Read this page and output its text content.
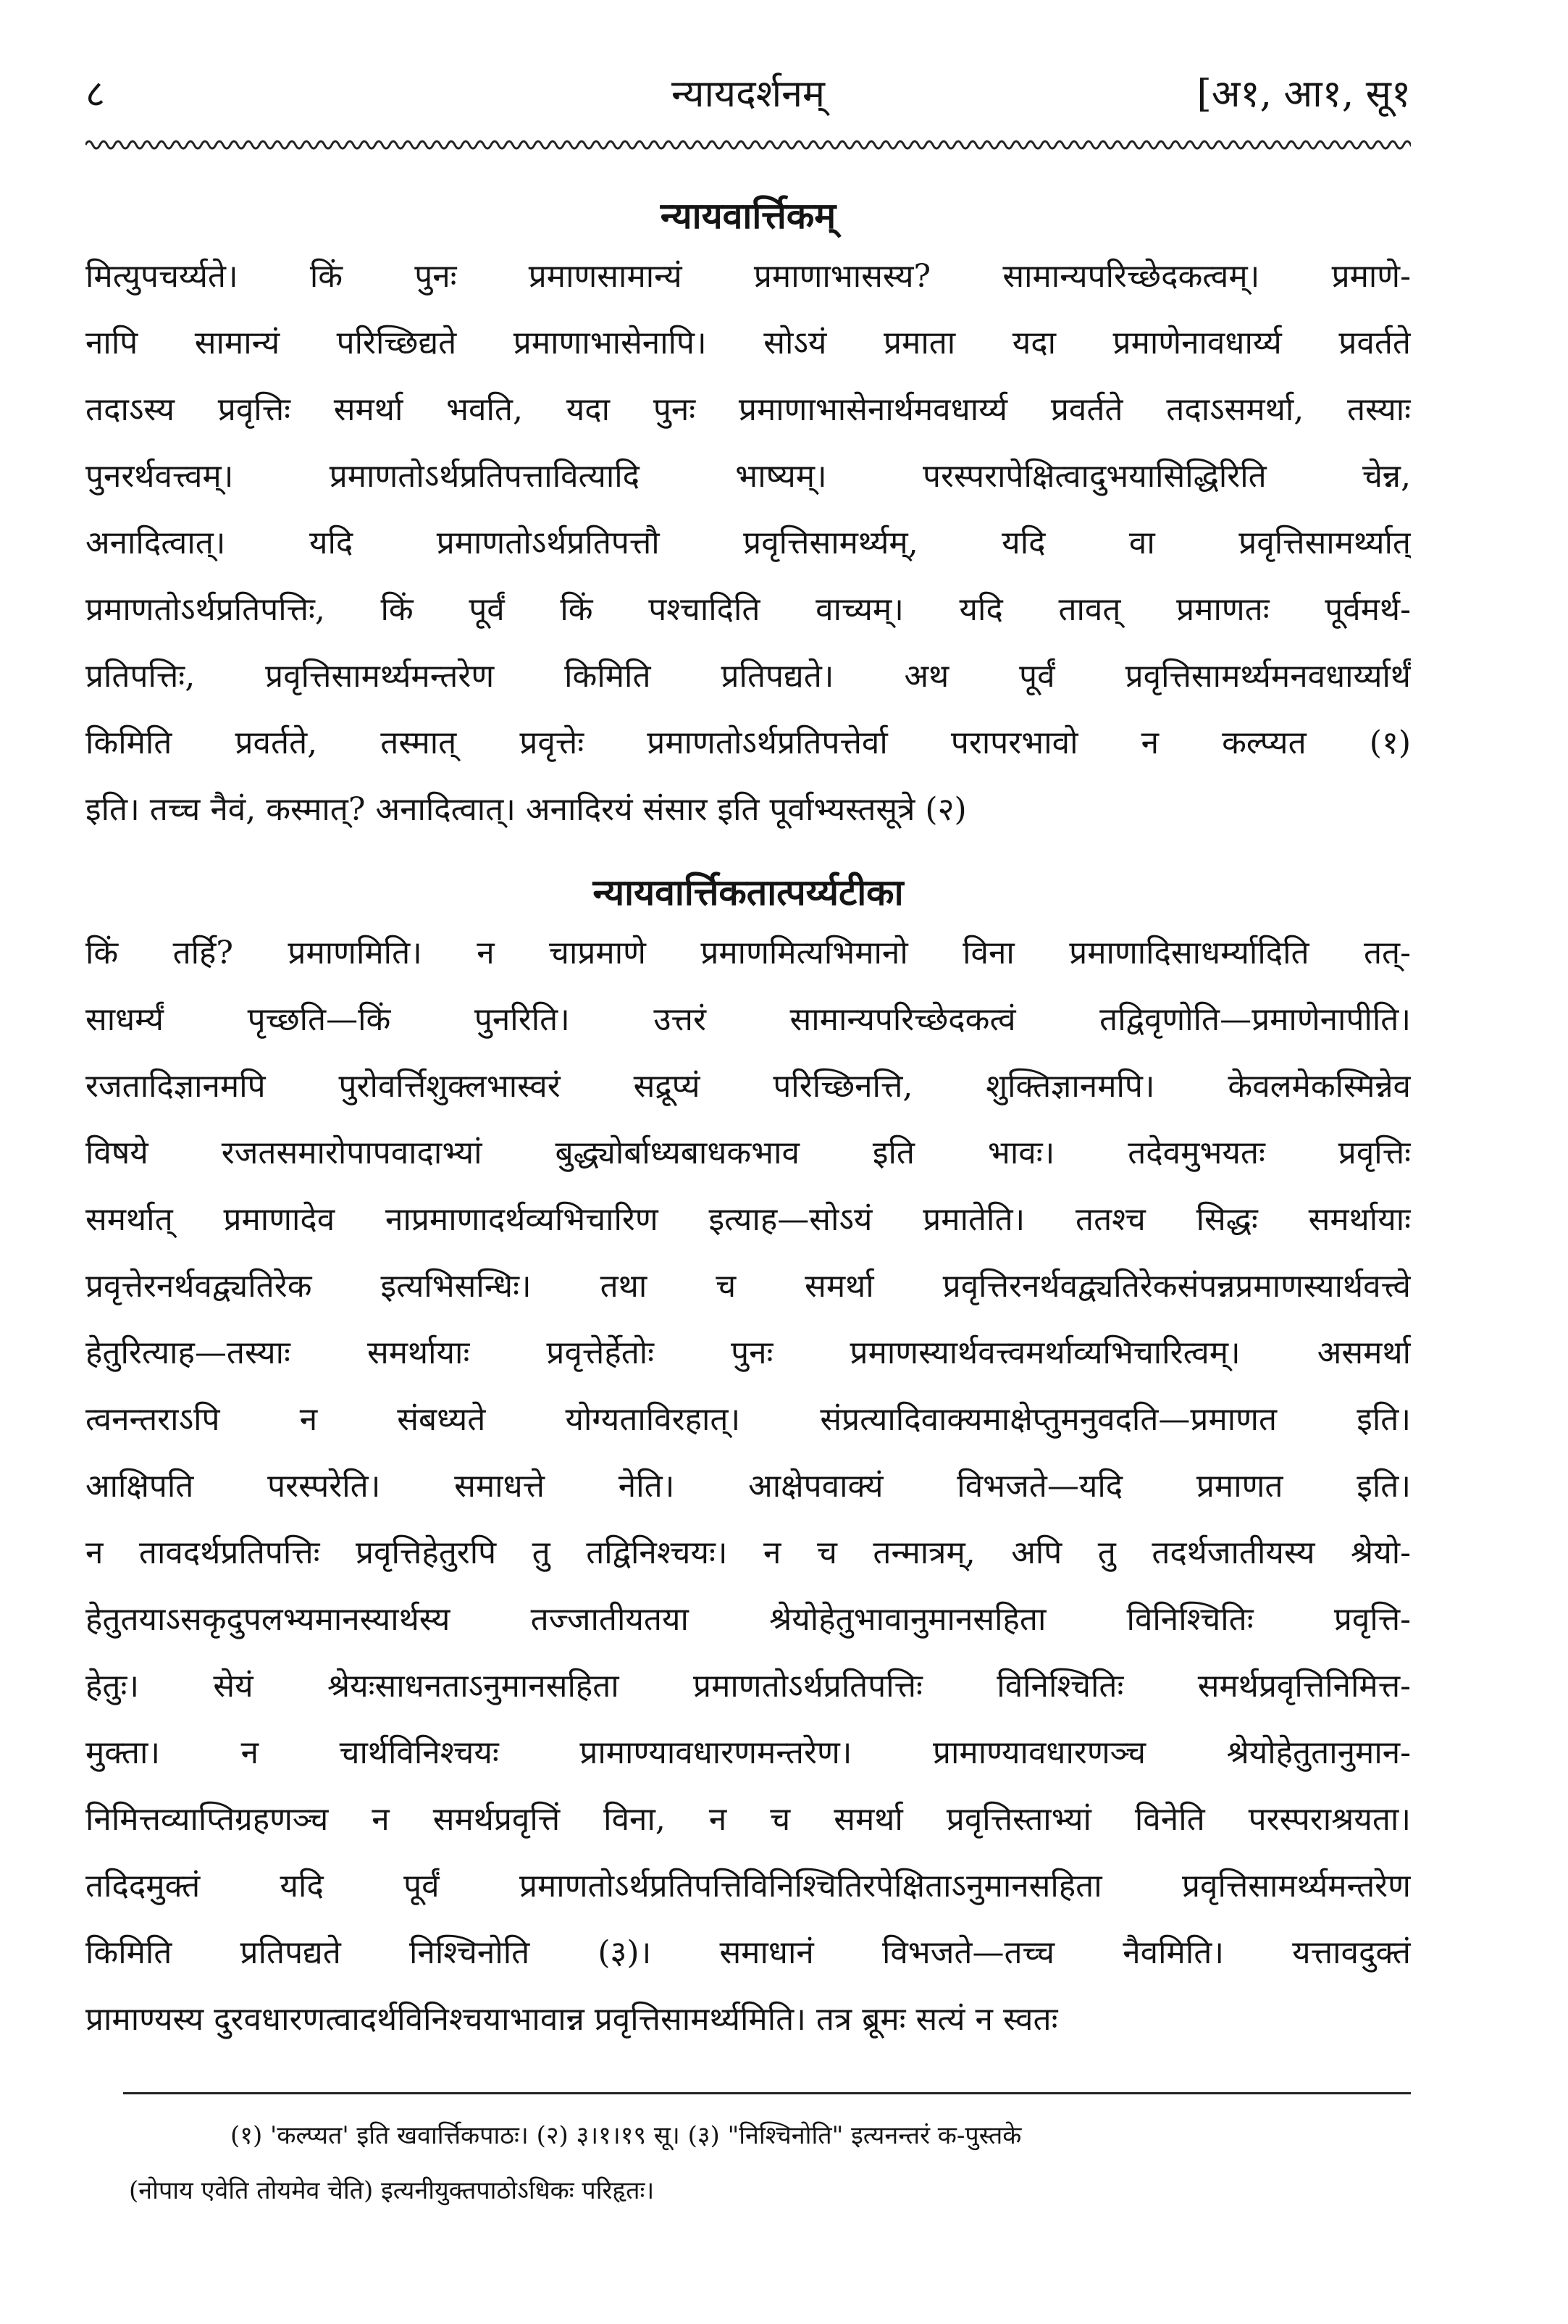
८	न्यायदर्शनम्	[अ१, आ१, सू१
न्यायवार्त्तिकम्
मित्युपचर्य्यते। किं पुनः प्रमाणसामान्यं प्रमाणाभासस्य? सामान्यपरिच्छेदकत्वम्। प्रमाणे-
नापि सामान्यं परिच्छिद्यते प्रमाणाभासेनापि। सोऽयं प्रमाता यदा प्रमाणेनावधार्य्य प्रवर्तते
तदाऽस्य प्रवृत्तिः समर्था भवति, यदा पुनः प्रमाणाभासेनार्थमवधार्य्य प्रवर्तते तदाऽसमर्था, तस्याः
पुनरर्थवत्त्वम्। प्रमाणतोऽर्थप्रतिपत्तावित्यादि भाष्यम्। परस्परापेक्षित्वादुभयासिद्धिरिति चेन्न,
अनादित्वात्। यदि प्रमाणतोऽर्थप्रतिपत्तौ प्रवृत्तिसामर्थ्यम्, यदि वा प्रवृत्तिसामर्थ्यात्
प्रमाणतोऽर्थप्रतिपत्तिः, किं पूर्वं किं पश्चादिति वाच्यम्। यदि तावत् प्रमाणतः पूर्वमर्थ-
प्रतिपत्तिः, प्रवृत्तिसामर्थ्यमन्तरेण किमिति प्रतिपद्यते। अथ पूर्वं प्रवृत्तिसामर्थ्यमनवधार्य्यार्थं
किमिति प्रवर्तते, तस्मात् प्रवृत्तेः प्रमाणतोऽर्थप्रतिपत्तेर्वा परापरभावो न कल्प्यत (१)
इति। तच्च नैवं, कस्मात्? अनादित्वात्। अनादिरयं संसार इति पूर्वाभ्यस्तसूत्रे (२)
न्यायवार्त्तिकतात्पर्य्यटीका
किं तर्हि? प्रमाणमिति। न चाप्रमाणे प्रमाणमित्यभिमानो विना प्रमाणादिसाधर्म्यादिति तत्-
साधर्म्यं पृच्छति—किं पुनरिति। उत्तरं सामान्यपरिच्छेदकत्वं तद्विवृणोति—प्रमाणेनापीति।
रजतादिज्ञानमपि पुरोवर्त्तिशुक्लभास्वरं सद्रूप्यं परिच्छिनत्ति, शुक्तिज्ञानमपि। केवलमेकस्मिन्नेव
विषये रजतसमारोपापवादाभ्यां बुद्ध्योर्बाध्यबाधकभाव इति भावः। तदेवमुभयतः प्रवृत्तिः
समर्थात् प्रमाणादेव नाप्रमाणादर्थव्यभिचारिण इत्याह—सोऽयं प्रमातेति। ततश्च सिद्धः समर्थायाः
प्रवृत्तेरनर्थवद्व्यतिरेक इत्यभिसन्धिः। तथा च समर्था प्रवृत्तिरनर्थवद्व्यतिरेकसंपन्नप्रमाणस्यार्थवत्त्वे
हेतुरित्याह—तस्याः समर्थायाः प्रवृत्तेर्हेतोः पुनः प्रमाणस्यार्थवत्त्वमर्थाव्यभिचारित्वम्। असमर्था
त्वनन्तराऽपि न संबध्यते योग्यताविरहात्। संप्रत्यादिवाक्यमाक्षेप्तुमनुवदति—प्रमाणत इति।
आक्षिपति परस्परेति। समाधत्ते नेति। आक्षेपवाक्यं विभजते—यदि प्रमाणत इति।
न तावदर्थप्रतिपत्तिः प्रवृत्तिहेतुरपि तु तद्विनिश्चयः। न च तन्मात्रम्, अपि तु तदर्थजातीयस्य श्रेयो-
हेतुतयाऽसकृदुपलभ्यमानस्यार्थस्य तज्जातीयतया श्रेयोहेतुभावानुमानसहिता विनिश्चितिः प्रवृत्ति-
हेतुः। सेयं श्रेयःसाधनताऽनुमानसहिता प्रमाणतोऽर्थप्रतिपत्तिः विनिश्चितिः समर्थप्रवृत्तिनिमित्त-
मुक्ता। न चार्थविनिश्चयः प्रामाण्यावधारणमन्तरेण। प्रामाण्यावधारणञ्च श्रेयोहेतुतानुमान-
निमित्तव्याप्तिग्रहणञ्च न समर्थप्रवृत्तिं विना, न च समर्था प्रवृत्तिस्ताभ्यां विनेति परस्पराश्रयता।
तदिदमुक्तं यदि पूर्वं प्रमाणतोऽर्थप्रतिपत्तिविनिश्चितिरपेक्षिताऽनुमानसहिता प्रवृत्तिसामर्थ्यमन्तरेण
किमिति प्रतिपद्यते निश्चिनोति (३)। समाधानं विभजते—तच्च नैवमिति। यत्तावदुक्तं
प्रामाण्यस्य दुरवधारणत्वादर्थविनिश्चयाभावान्न प्रवृत्तिसामर्थ्यमिति। तत्र ब्रूमः सत्यं न स्वतः
(१) 'कल्प्यत' इति खवार्त्तिकपाठः। (२) ३।१।१९ सू। (३) "निश्चिनोति" इत्यनन्तरं क-पुस्तके
(नोपाय एवेति तोयमेव चेति) इत्यनीयुक्तपाठोऽधिकः परिहृतः।
